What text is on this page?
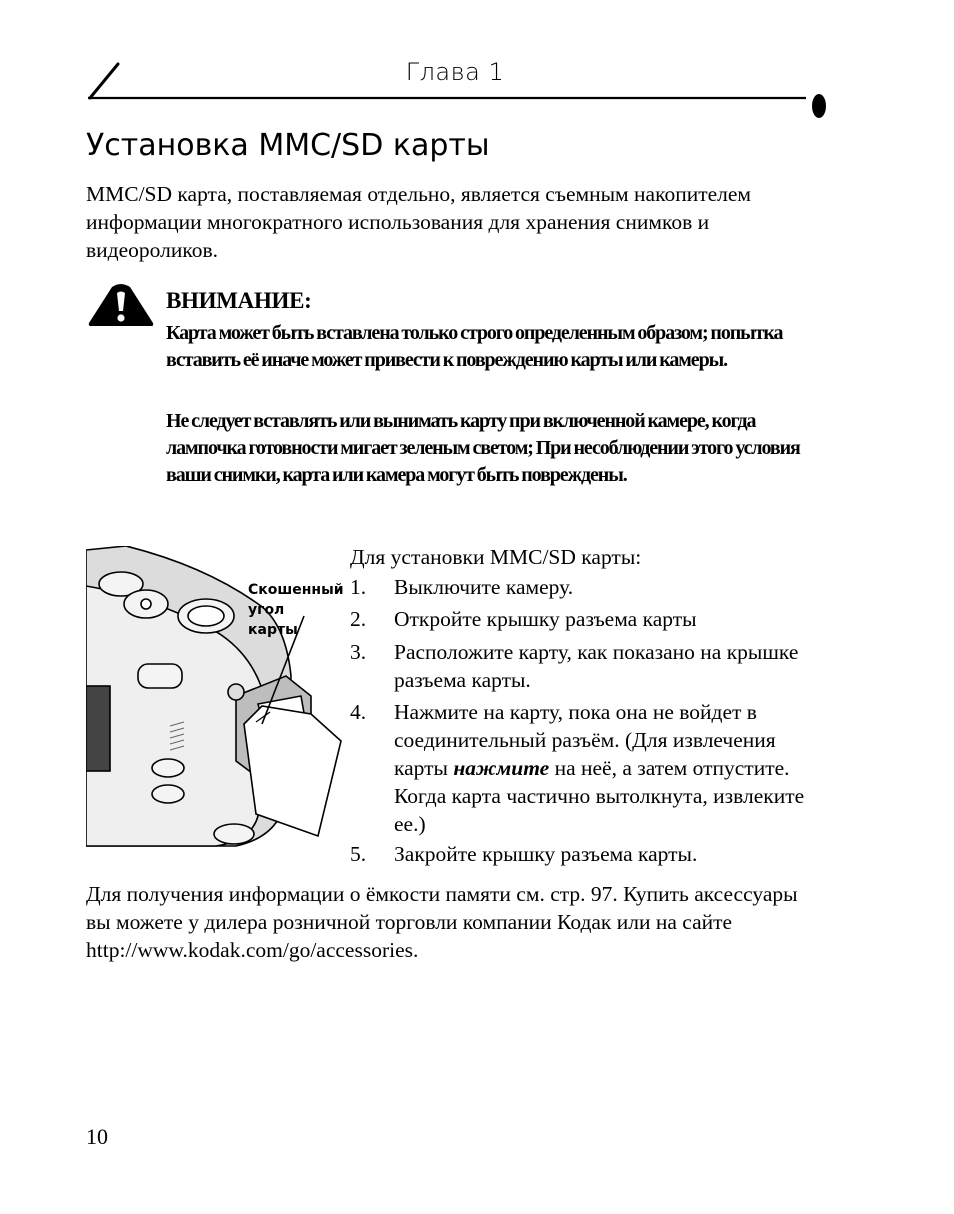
Глава 1
Установка MMC/SD карты
MMC/SD карта, поставляемая отдельно, является съемным накопителем информации многократного использования для хранения снимков и видеороликов.
ВНИМАНИЕ:
Карта может быть вставлена только строго определенным образом; попытка вставить её иначе может привести к повреждению карты или камеры.
Не следует вставлять или вынимать карту при включенной камере, когда лампочка готовности мигает зеленым светом; При несоблюдении этого условия ваши снимки, карта или камера могут быть повреждены.
Скошенный угол карты
Для установки MMC/SD карты:
1.	Выключите камеру.
2.	Откройте крышку разъема карты
3.	Расположите карту, как показано на крышке разъема карты.
4.	Нажмите на карту, пока она не войдет в соединительный разъём. (Для извлечения карты нажмите на неё, а затем отпустите. Когда карта частично вытолкнута, извлеките ее.)
5.	Закройте крышку разъема карты.
Для получения информации о ёмкости памяти см. стр. 97. Купить аксессуары вы можете у дилера розничной торговли компании Кодак или на сайте http://www.kodak.com/go/accessories.
10
